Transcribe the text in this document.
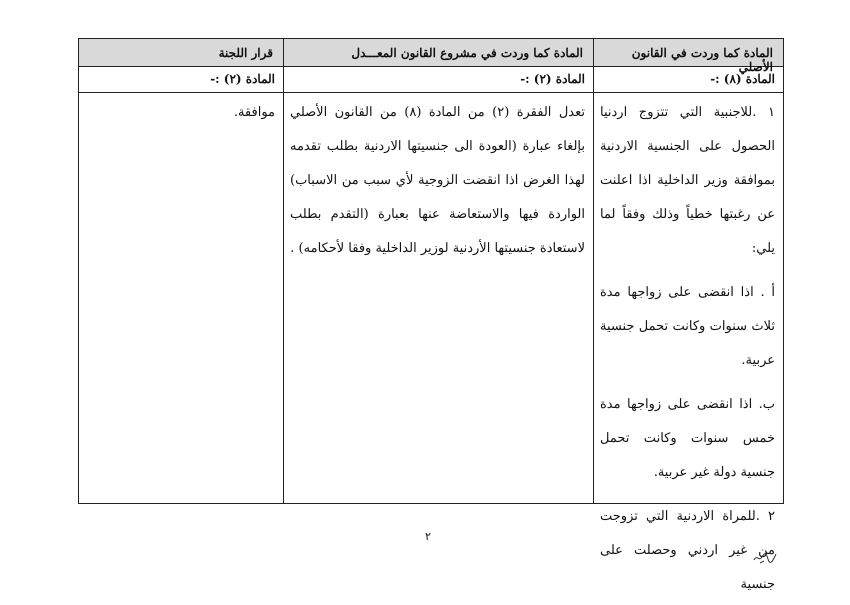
المادة كما وردت في القانون الأصلي
المادة كما وردت في مشروع القانون المعـــدل
قرار اللجنة
المادة (٨) :-
المادة (٢) :-
المادة (٢) :-

١ .للاجنبية التي تتزوج اردنيا الحصول على الجنسية الاردنية بموافقة وزير الداخلية اذا اعلنت عن رغبتها خطياً وذلك وفقاً لما يلي:

أ . اذا انقضى على زواجها مدة ثلاث سنوات وكانت تحمل جنسية عربية.

ب. اذا انقضى على زواجها مدة خمس سنوات وكانت تحمل جنسية دولة غير عربية.

٢ .للمراة الاردنية التي تزوجت من غير اردني وحصلت على جنسية

تعدل الفقرة (٢) من المادة (٨) من القانون الأصلي بإلغاء عبارة (العودة الى جنسيتها الاردنية بطلب تقدمه لهذا الغرض اذا انقضت الزوجية لأي سبب من الاسباب) الواردة فيها والاستعاضة عنها بعبارة (التقدم بطلب لاستعادة جنسيتها الأردنية لوزير الداخلية وفقا لأحكامه) .

موافقة.

٢
